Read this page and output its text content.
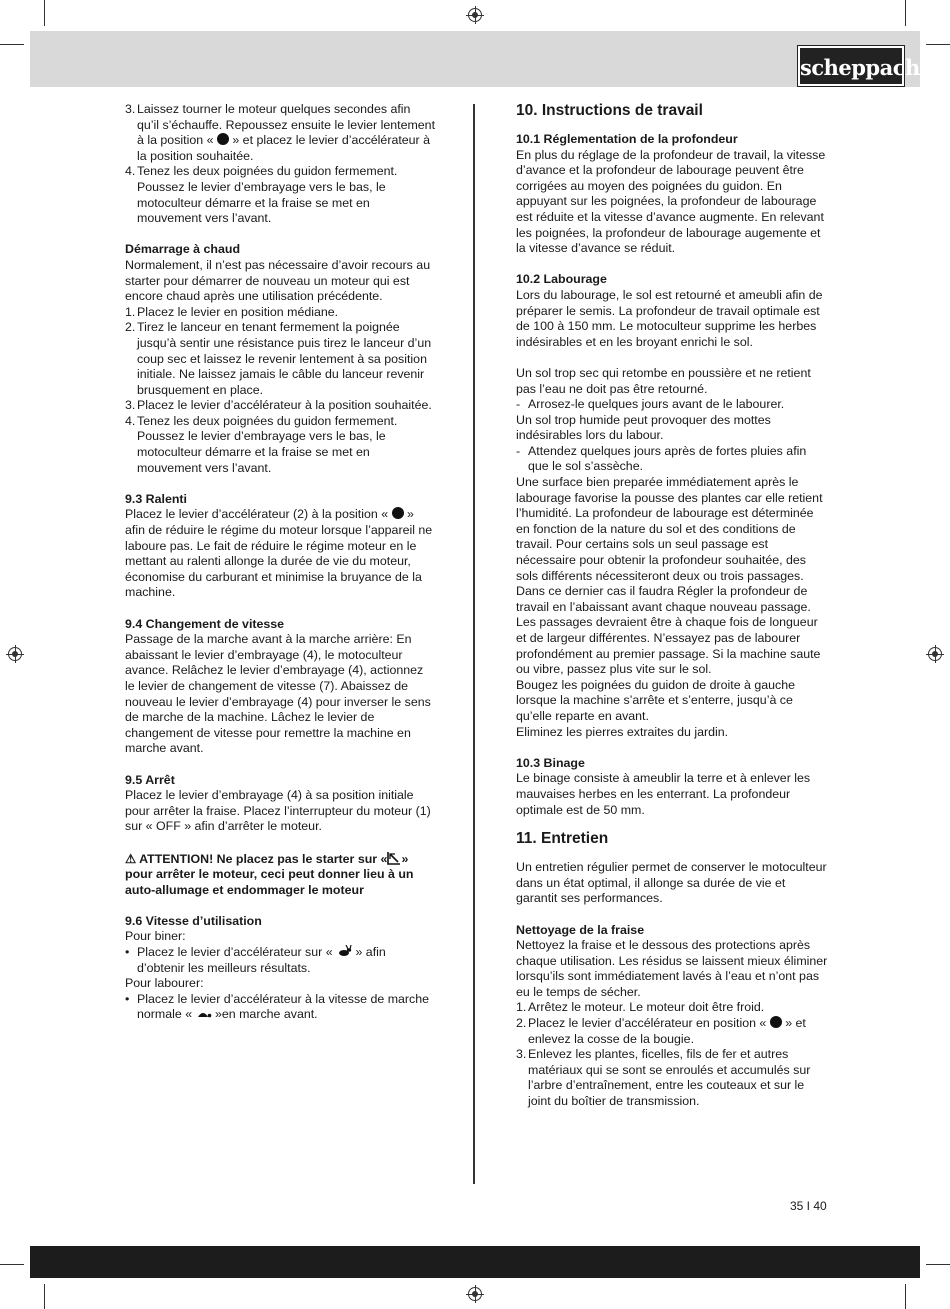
scheppach

3. Laissez tourner le moteur quelques secondes afin qu’il s’échauffe. Repoussez ensuite le levier lentement à la position «  » et placez le levier d’accélérateur à la position souhaitée.

4. Tenez les deux poignées du guidon fermement. Poussez le levier d’embrayage vers le bas, le motoculteur démarre et la fraise se met en mouvement vers l’avant.

Démarrage à chaud

Normalement, il n’est pas nécessaire d’avoir recours au starter pour démarrer de nouveau un moteur qui est encore chaud après une utilisation précédente.

1. Placez le levier en position médiane.

2. Tirez le lanceur en tenant fermement la poignée jusqu’à sentir une résistance puis tirez le lanceur d’un coup sec et laissez le revenir lentement à sa position initiale. Ne laissez jamais le câble du lanceur revenir brusquement en place.

3. Placez le levier d’accélérateur à la position souhaitée.

4. Tenez les deux poignées du guidon fermement. Poussez le levier d’embrayage vers le bas, le motoculteur démarre et la fraise se met en mouvement vers l’avant.

9.3 Ralenti

Placez le levier d’accélérateur (2) à la position «  » afin de réduire le régime du moteur lorsque l’appareil ne laboure pas. Le fait de réduire le régime moteur en le mettant au ralenti allonge la durée de vie du moteur, économise du carburant et minimise la bruyance de la machine.

9.4 Changement de vitesse

Passage de la marche avant à la marche arrière: En abaissant le levier d’embrayage (4), le motoculteur avance. Relâchez le levier d’embrayage (4), actionnez le levier de changement de vitesse (7). Abaissez de nouveau le levier d’embrayage (4) pour inverser le sens de marche de la machine. Lâchez le levier de changement de vitesse pour remettre la machine en marche avant.

9.5 Arrêt

Placez le levier d’embrayage (4) à sa position initiale pour arrêter la fraise. Placez l’interrupteur du moteur (1) sur « OFF » afin d’arrêter le moteur.

⚠ ATTENTION! Ne placez pas le starter sur « » pour arrêter le moteur, ceci peut donner lieu à un auto-allumage et endommager le moteur

9.6 Vitesse d’utilisation

Pour biner:

• Placez le levier d’accélérateur sur «  » afin d’obtenir les meilleurs résultats.

Pour labourer:

• Placez le levier d’accélérateur à la vitesse de marche normale «  »en marche avant.

10. Instructions de travail

10.1 Réglementation de la profondeur

En plus du réglage de la profondeur de travail, la vitesse d’avance et la profondeur de labourage peuvent être corrigées au moyen des poignées du guidon. En appuyant sur les poignées, la profondeur de labourage est réduite et la vitesse d’avance augmente. En relevant les poignées, la profondeur de labourage augemente et la vitesse d’avance se réduit.

10.2 Labourage

Lors du labourage, le sol est retourné et ameubli afin de préparer le semis. La profondeur de travail optimale est de 100 à 150 mm. Le motoculteur supprime les herbes indésirables et en les broyant enrichi le sol.

Un sol trop sec qui retombe en poussière et ne retient pas l’eau ne doit pas être retourné.

- Arrosez-le quelques jours avant de le labourer.

Un sol trop humide peut provoquer des mottes indésirables lors du labour.

- Attendez quelques jours après de fortes pluies afin que le sol s’assèche.

Une surface bien preparée immédiatement après le labourage favorise la pousse des plantes car elle retient l’humidité. La profondeur de labourage est déterminée en fonction de la nature du sol et des conditions de travail. Pour certains sols un seul passage est nécessaire pour obtenir la profondeur souhaitée, des sols différents nécessiteront deux ou trois passages. Dans ce dernier cas il faudra Régler la profondeur de travail en l’abaissant avant chaque nouveau passage. Les passages devraient être à chaque fois de longueur et de largeur différentes. N’essayez pas de labourer profondément au premier passage. Si la machine saute ou vibre, passez plus vite sur le sol.

Bougez les poignées du guidon de droite à gauche lorsque la machine s’arrête et s’enterre, jusqu’à ce qu’elle reparte en avant.

Eliminez les pierres extraites du jardin.

10.3 Binage

Le binage consiste à ameublir la terre et à enlever les mauvaises herbes en les enterrant. La profondeur optimale est de 50 mm.

11. Entretien

Un entretien régulier permet de conserver le motoculteur dans un état optimal, il allonge sa durée de vie et garantit ses performances.

Nettoyage de la fraise

Nettoyez la fraise et le dessous des protections après chaque utilisation. Les résidus se laissent mieux éliminer lorsqu’ils sont immédiatement lavés à l’eau et n’ont pas eu le temps de sécher.

1. Arrêtez le moteur. Le moteur doit être froid.

2. Placez le levier d’accélérateur en position «  » et enlevez la cosse de la bougie.

3. Enlevez les plantes, ficelles, fils de fer et autres matériaux qui se sont se enroulés et accumulés sur l’arbre d’entraînement, entre les couteaux et sur le joint du boîtier de transmission.

35 I 40
